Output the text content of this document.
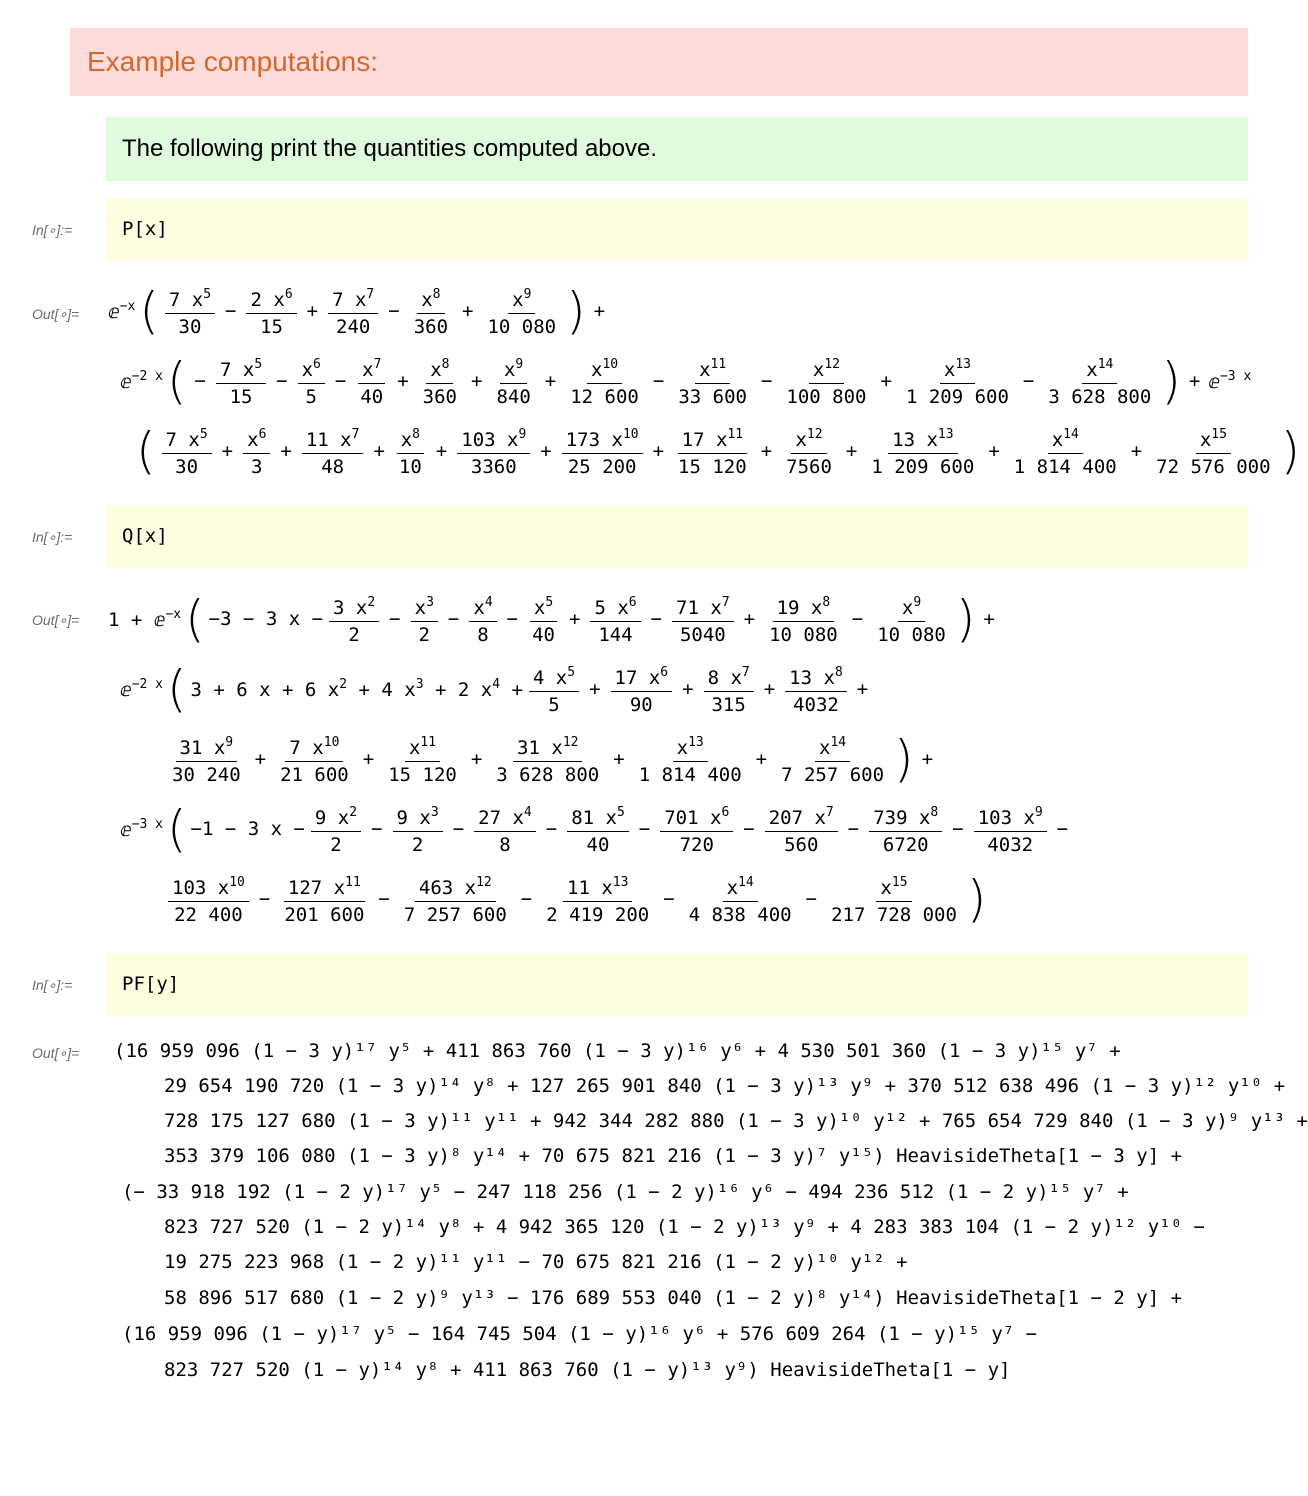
Example computations:
The following print the quantities computed above.
In[∘]:=	P[x]
Out[∘]= ⅇ$^{-x}$ ( $\frac{7 x^5}{30} - \frac{2 x^6}{15} + \frac{7 x^7}{240} - \frac{x^8}{360} + \frac{x^9}{10 080}$ ) +
ⅇ$^{-2 x}$ ( − $\frac{7 x^5}{15} - \frac{x^6}{5} - \frac{x^7}{40} + \frac{x^8}{360} + \frac{x^9}{840} + \frac{x^{10}}{12 600} - \frac{x^{11}}{33 600} - \frac{x^{12}}{100 800} + \frac{x^{13}}{1 209 600} - \frac{x^{14}}{3 628 800}$ ) + ⅇ$^{-3 x}$
( $\frac{7 x^5}{30} + \frac{x^6}{3} + \frac{11 x^7}{48} + \frac{x^8}{10} + \frac{103 x^9}{3360} + \frac{173 x^{10}}{25 200} + \frac{17 x^{11}}{15 120} + \frac{x^{12}}{7560} + \frac{13 x^{13}}{1 209 600} + \frac{x^{14}}{1 814 400} + \frac{x^{15}}{72 576 000}$ )
In[∘]:=	Q[x]
Out[∘]= 1 + ⅇ$^{-x}$ ( −3 − 3 $x - \frac{3 x^2}{2} - \frac{x^3}{2} - \frac{x^4}{8} - \frac{x^5}{40} + \frac{5 x^6}{144} - \frac{71 x^7}{5040} + \frac{19 x^8}{10 080} - \frac{x^9}{10 080}$ ) +
ⅇ$^{-2 x}$ ( 3 + 6 x + 6 $x^2 + 4$ $x^3 + 2$ $x^4 + \frac{4 x^5}{5} + \frac{17 x^6}{90} + \frac{8 x^7}{315} + \frac{13 x^8}{4032}$ +
$\frac{31 x^9}{30 240} + \frac{7 x^{10}}{21 600} + \frac{x^{11}}{15 120} + \frac{31 x^{12}}{3 628 800} + \frac{x^{13}}{1 814 400} + \frac{x^{14}}{7 257 600}$ ) +
ⅇ$^{-3 x}$ ( −1 − 3 $x - \frac{9 x^2}{2} - \frac{9 x^3}{2} - \frac{27 x^4}{8} - \frac{81 x^5}{40} - \frac{701 x^6}{720} - \frac{207 x^7}{560} - \frac{739 x^8}{6720} - \frac{103 x^9}{4032}$ −
$\frac{103 x^{10}}{22 400} - \frac{127 x^{11}}{201 600} - \frac{463 x^{12}}{7 257 600} - \frac{11 x^{13}}{2 419 200} - \frac{x^{14}}{4 838 400} - \frac{x^{15}}{217 728 000}$ )
In[∘]:=	PF[y]
Out[∘]= (16 959 096 (1 − 3 y)¹⁷ y⁵ + 411 863 760 (1 − 3 y)¹⁶ y⁶ + 4 530 501 360 (1 − 3 y)¹⁵ y⁷ +
29 654 190 720 (1 − 3 y)¹⁴ y⁸ + 127 265 901 840 (1 − 3 y)¹³ y⁹ + 370 512 638 496 (1 − 3 y)¹² y¹⁰ +
728 175 127 680 (1 − 3 y)¹¹ y¹¹ + 942 344 282 880 (1 − 3 y)¹⁰ y¹² + 765 654 729 840 (1 − 3 y)⁹ y¹³ +
353 379 106 080 (1 − 3 y)⁸ y¹⁴ + 70 675 821 216 (1 − 3 y)⁷ y¹⁵) HeavisideTheta[1 − 3 y] +
(− 33 918 192 (1 − 2 y)¹⁷ y⁵ − 247 118 256 (1 − 2 y)¹⁶ y⁶ − 494 236 512 (1 − 2 y)¹⁵ y⁷ +
823 727 520 (1 − 2 y)¹⁴ y⁸ + 4 942 365 120 (1 − 2 y)¹³ y⁹ + 4 283 383 104 (1 − 2 y)¹² y¹⁰ −
19 275 223 968 (1 − 2 y)¹¹ y¹¹ − 70 675 821 216 (1 − 2 y)¹⁰ y¹² +
58 896 517 680 (1 − 2 y)⁹ y¹³ − 176 689 553 040 (1 − 2 y)⁸ y¹⁴) HeavisideTheta[1 − 2 y] +
(16 959 096 (1 − y)¹⁷ y⁵ − 164 745 504 (1 − y)¹⁶ y⁶ + 576 609 264 (1 − y)¹⁵ y⁷ −
823 727 520 (1 − y)¹⁴ y⁸ + 411 863 760 (1 − y)¹³ y⁹) HeavisideTheta[1 − y]
